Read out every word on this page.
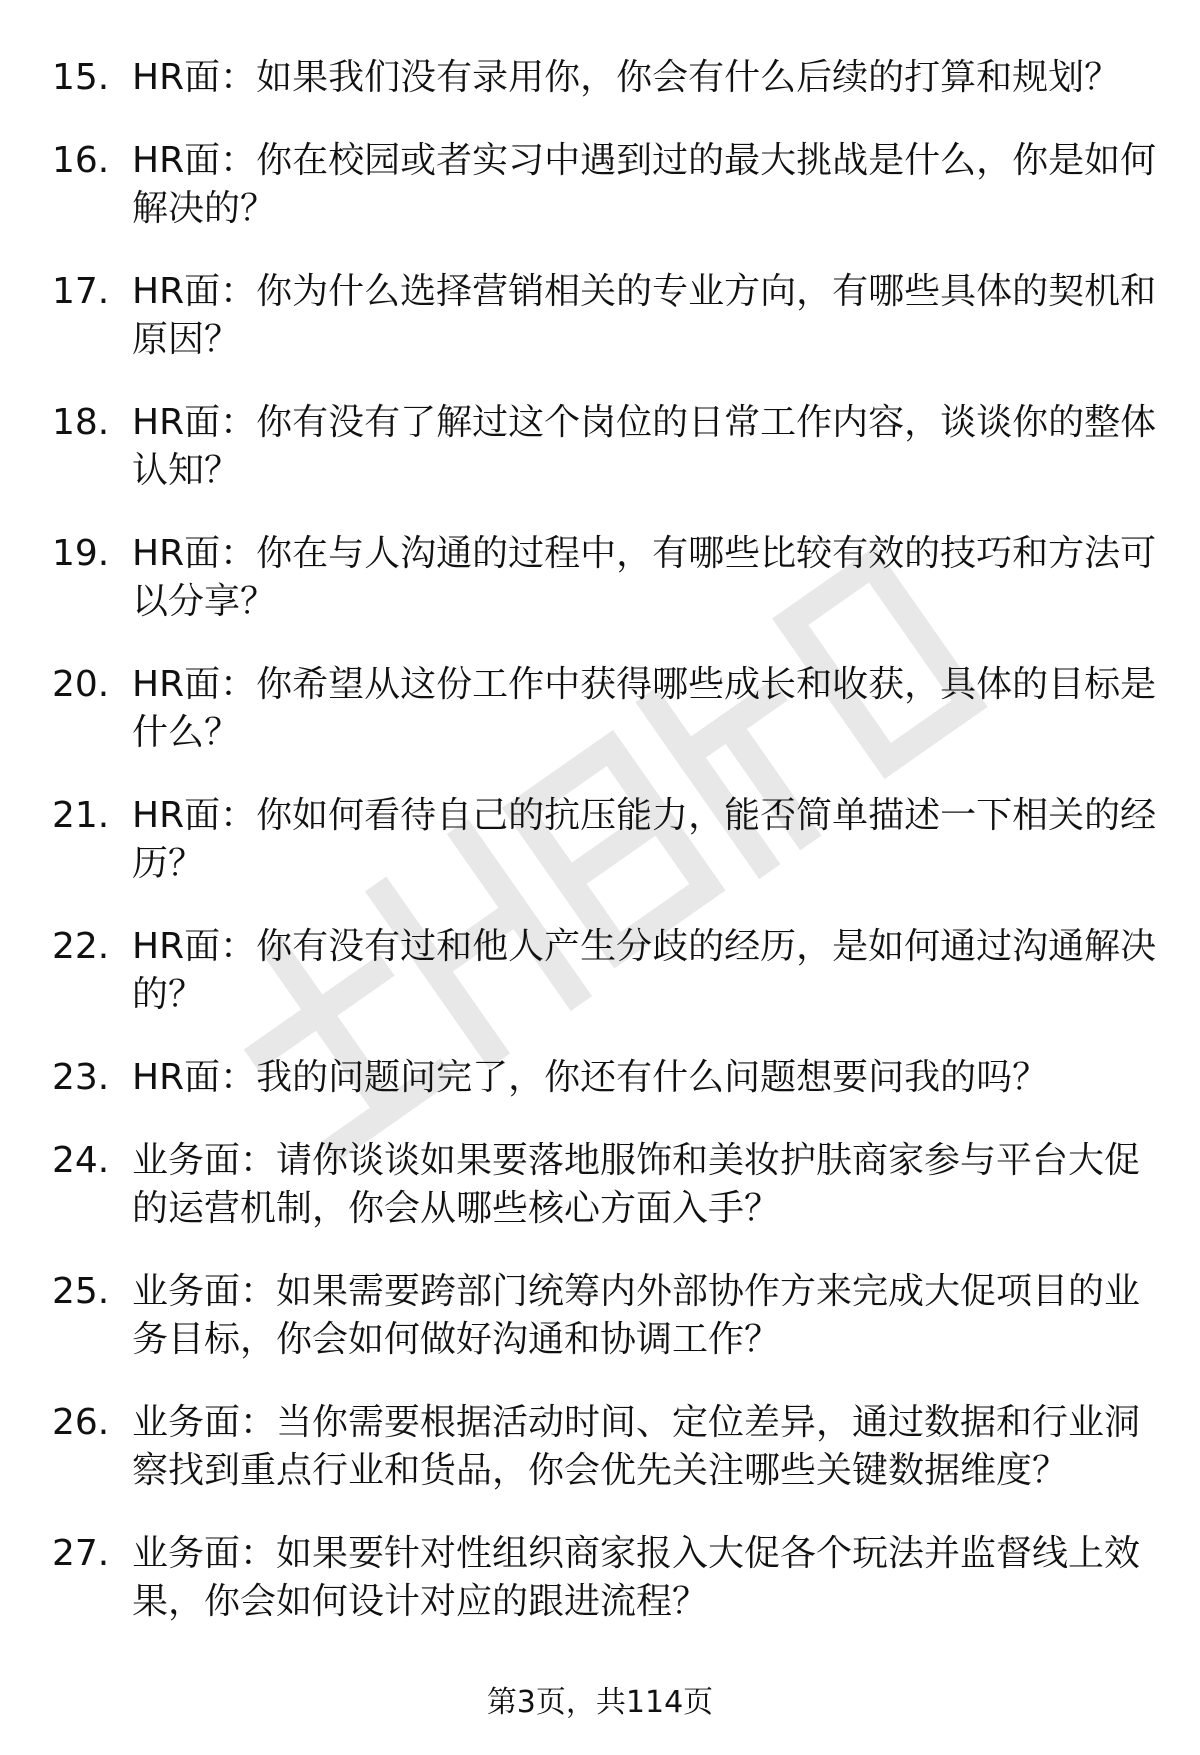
15. HR面：如果我们没有录用你，你会有什么后续的打算和规划？
16. HR面：你在校园或者实习中遇到过的最大挑战是什么，你是如何解决的？
17. HR面：你为什么选择营销相关的专业方向，有哪些具体的契机和原因？
18. HR面：你有没有了解过这个岗位的日常工作内容，谈谈你的整体认知？
19. HR面：你在与人沟通的过程中，有哪些比较有效的技巧和方法可以分享？
20. HR面：你希望从这份工作中获得哪些成长和收获，具体的目标是什么？
21. HR面：你如何看待自己的抗压能力，能否简单描述一下相关的经历？
22. HR面：你有没有过和他人产生分歧的经历，是如何通过沟通解决的？
23. HR面：我的问题问完了，你还有什么问题想要问我的吗？
24. 业务面：请你谈谈如果要落地服饰和美妆护肤商家参与平台大促的运营机制，你会从哪些核心方面入手？
25. 业务面：如果需要跨部门统筹内外部协作方来完成大促项目的业务目标，你会如何做好沟通和协调工作？
26. 业务面：当你需要根据活动时间、定位差异，通过数据和行业洞察找到重点行业和货品，你会优先关注哪些关键数据维度？
27. 业务面：如果要针对性组织商家报入大促各个玩法并监督线上效果，你会如何设计对应的跟进流程？
第3页，共114页
